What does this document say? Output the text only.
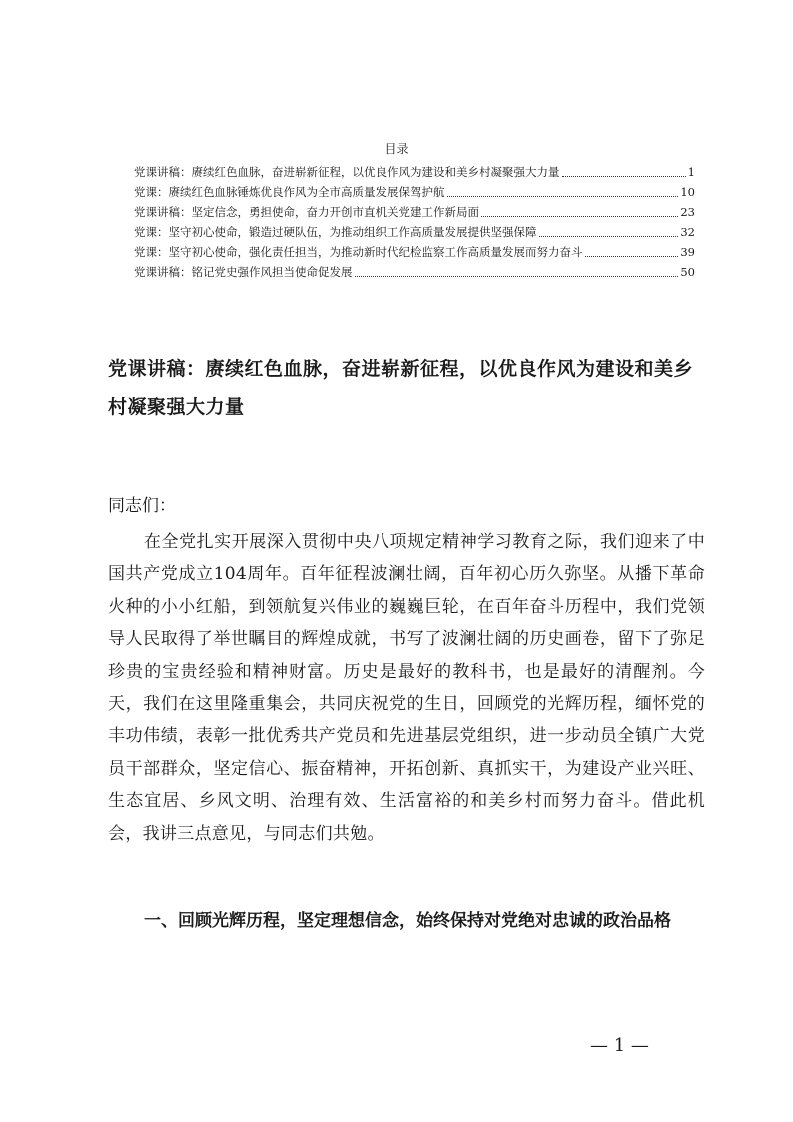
目录
党课讲稿：赓续红色血脉，奋进崭新征程，以优良作风为建设和美乡村凝聚强大力量	1
党课：赓续红色血脉锤炼优良作风为全市高质量发展保驾护航	10
党课讲稿：坚定信念，勇担使命，奋力开创市直机关党建工作新局面	23
党课：坚守初心使命，锻造过硬队伍，为推动组织工作高质量发展提供坚强保障	32
党课：坚守初心使命，强化责任担当，为推动新时代纪检监察工作高质量发展而努力奋斗	39
党课讲稿：铭记党史强作风担当使命促发展	50
党课讲稿：赓续红色血脉，奋进崭新征程，以优良作风为建设和美乡村凝聚强大力量

同志们：

在全党扎实开展深入贯彻中央八项规定精神学习教育之际，我们迎来了中国共产党成立104周年。百年征程波澜壮阔，百年初心历久弥坚。从播下革命火种的小小红船，到领航复兴伟业的巍巍巨轮，在百年奋斗历程中，我们党领导人民取得了举世瞩目的辉煌成就，书写了波澜壮阔的历史画卷，留下了弥足珍贵的宝贵经验和精神财富。历史是最好的教科书，也是最好的清醒剂。今天，我们在这里隆重集会，共同庆祝党的生日，回顾党的光辉历程，缅怀党的丰功伟绩，表彰一批优秀共产党员和先进基层党组织，进一步动员全镇广大党员干部群众，坚定信心、振奋精神，开拓创新、真抓实干，为建设产业兴旺、生态宜居、乡风文明、治理有效、生活富裕的和美乡村而努力奋斗。借此机会，我讲三点意见，与同志们共勉。

一、回顾光辉历程，坚定理想信念，始终保持对党绝对忠诚的政治品格
— 1 —
